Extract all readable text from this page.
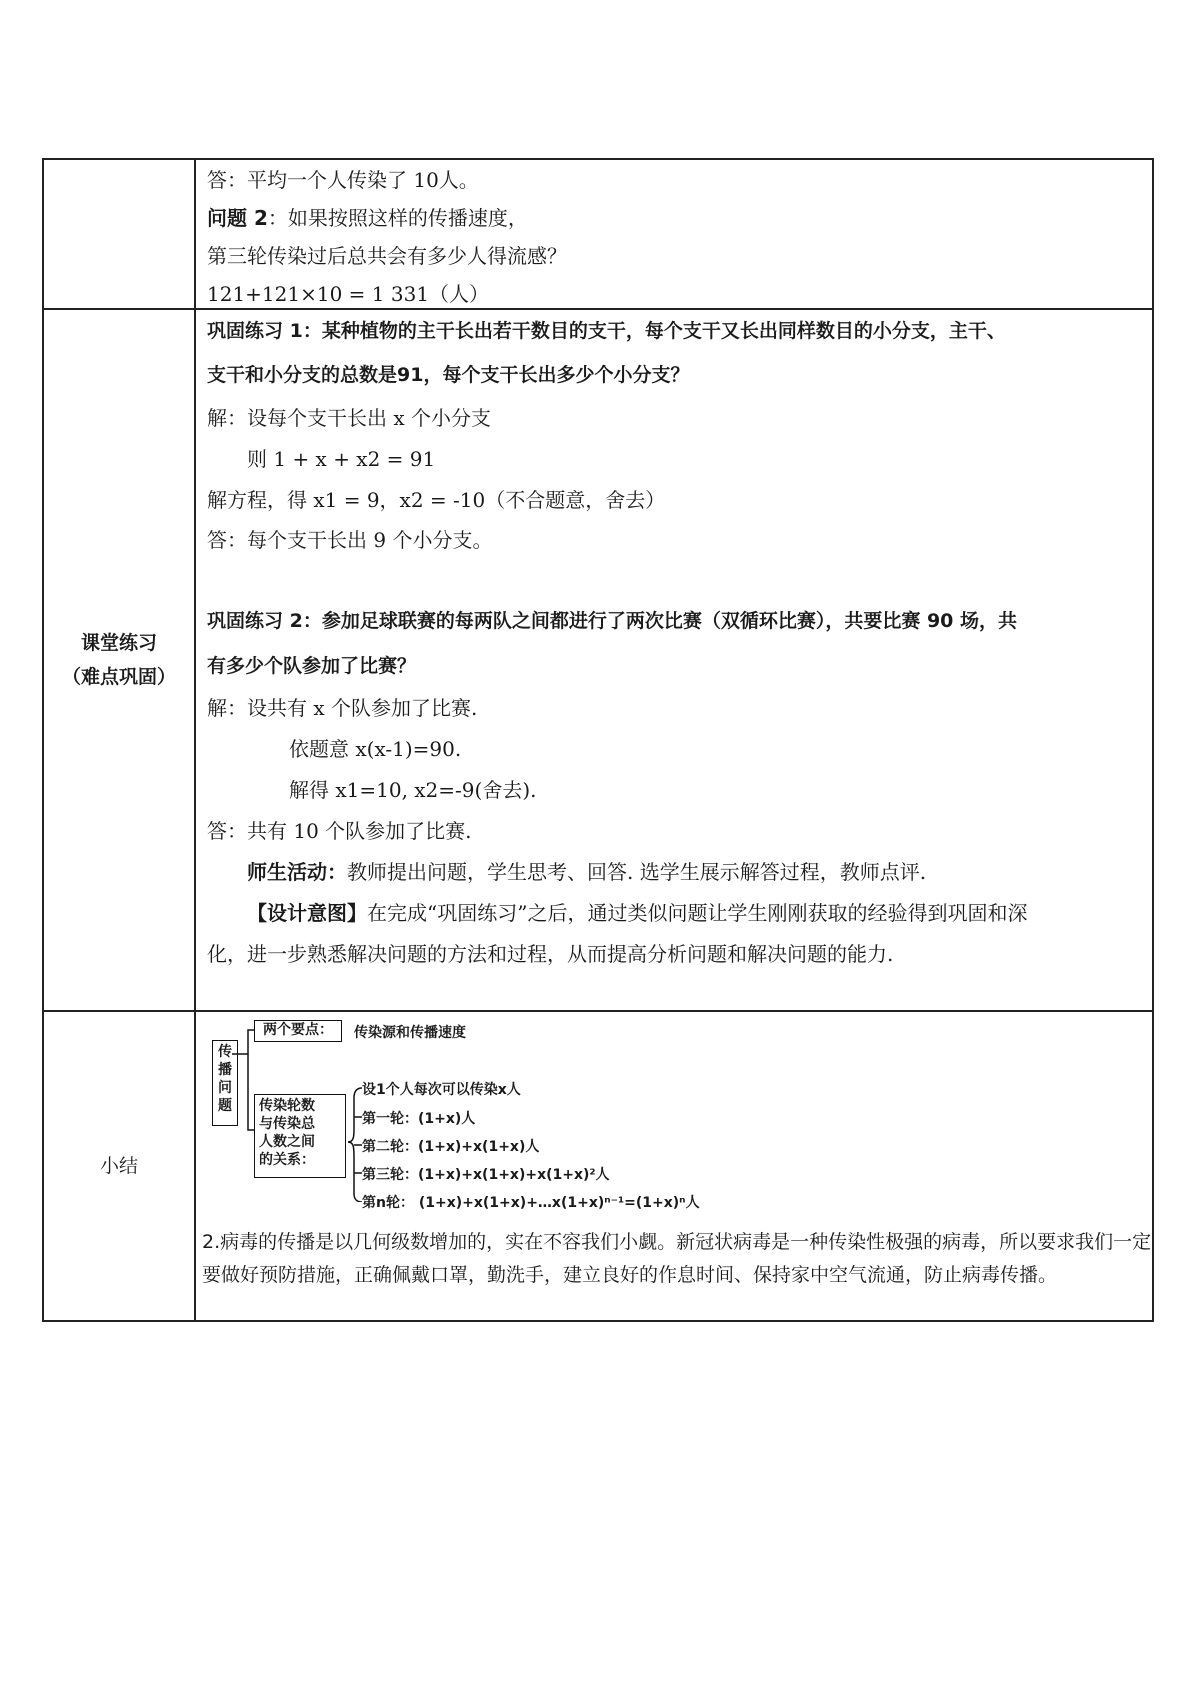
答：平均一个人传染了 10人。
问题 2：如果按照这样的传播速度，
第三轮传染过后总共会有多少人得流感？
121+121×10 = 1 331（人）
课堂练习
（难点巩固）
巩固练习 1：某种植物的主干长出若干数目的支干，每个支干又长出同样数目的小分支，主干、
支干和小分支的总数是91，每个支干长出多少个小分支？
解：设每个支干长出 x 个小分支
则 1 + x + x2 = 91
解方程，得 x1 = 9，x2 = -10（不合题意，舍去）
答：每个支干长出 9 个小分支。
巩固练习 2：参加足球联赛的每两队之间都进行了两次比赛（双循环比赛），共要比赛 90 场，共
有多少个队参加了比赛？
解：设共有 x 个队参加了比赛.
依题意 x(x-1)=90.
解得 x1=10, x2=-9(舍去).
答：共有 10 个队参加了比赛.
师生活动：教师提出问题，学生思考、回答. 选学生展示解答过程，教师点评.
【设计意图】在完成“巩固练习”之后，通过类似问题让学生刚刚获取的经验得到巩固和深
化，进一步熟悉解决问题的方法和过程，从而提高分析问题和解决问题的能力.
小结
传
播
问
题
两个要点：	传染源和传播速度
传染轮数
与传染总
人数之间
的关系：
设1个人每次可以传染x人
第一轮：(1+x)人
第二轮：(1+x)+x(1+x)人
第三轮：(1+x)+x(1+x)+x(1+x)²人
第n轮： (1+x)+x(1+x)+…x(1+x)ⁿ⁻¹=(1+x)ⁿ人
2.病毒的传播是以几何级数增加的，实在不容我们小觑。新冠状病毒是一种传染性极强的病毒，所以要求我们一定要做好预防措施，正确佩戴口罩，勤洗手，建立良好的作息时间、保持家中空气流通，防止病毒传播。
